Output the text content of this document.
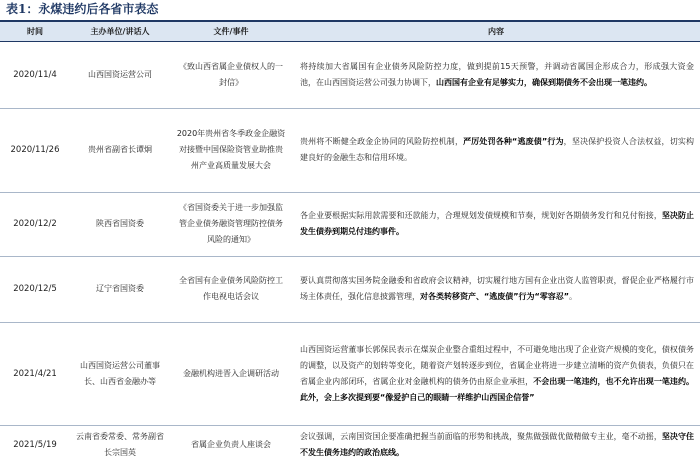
表1：永煤违约后各省市表态
时间	主办单位/讲话人	文件/事件	内容
2020/11/4	山西国资运营公司	《致山西省属企业债权人的一封信》	将持续加大省属国有企业债务风险防控力度，做到提前15天预警，并调动省属国企形成合力，形成强大资金池，在山西国资运营公司强力协调下，山西国有企业有足够实力，确保到期债务不会出现一笔违约。
2020/11/26	贵州省副省长谭炯	2020年贵州省冬季政金企融资对接暨中国保险资管业助推贵州产业高质量发展大会	贵州将不断健全政金企协同的风险防控机制，严厉处罚各种“逃废债”行为，坚决保护投资人合法权益，切实构建良好的金融生态和信用环境。
2020/12/2	陕西省国资委	《省国资委关于进一步加强监管企业债务融资管理防控债务风险的通知》	各企业要根据实际用款需要和还款能力，合理规划发债规模和节奏，规划好各期债务发行和兑付衔接，坚决防止发生债券到期兑付违约事件。
2020/12/5	辽宁省国资委	全省国有企业债务风险防控工作电视电话会议	要认真贯彻落实国务院金融委和省政府会议精神，切实履行地方国有企业出资人监管职责，督促企业严格履行市场主体责任，强化信息披露管理，对各类转移资产、“逃废债”行为“零容忍”。
2021/4/21	山西国资运营公司董事长、山西省金融办等	金融机构进晋入企调研活动	山西国资运营董事长郭保民表示在煤炭企业整合重组过程中，不可避免地出现了企业资产规模的变化，债权债务的调整，以及资产的划转等变化，随着资产划转逐步到位，省属企业将进一步建立清晰的资产负债表，负债只在省属企业内部闭环，省属企业对金融机构的债务仍由原企业承担，不会出现一笔违约，也不允许出现一笔违约。此外，会上多次提到要“像爱护自己的眼睛一样维护山西国企信誉”
2021/5/19	云南省委常委、常务副省长宗国英	省属企业负责人座谈会	会议强调，云南国资国企要准确把握当前面临的形势和挑战，聚焦做强做优做精做专主业，毫不动摇，坚决守住不发生债务违约的政治底线。
